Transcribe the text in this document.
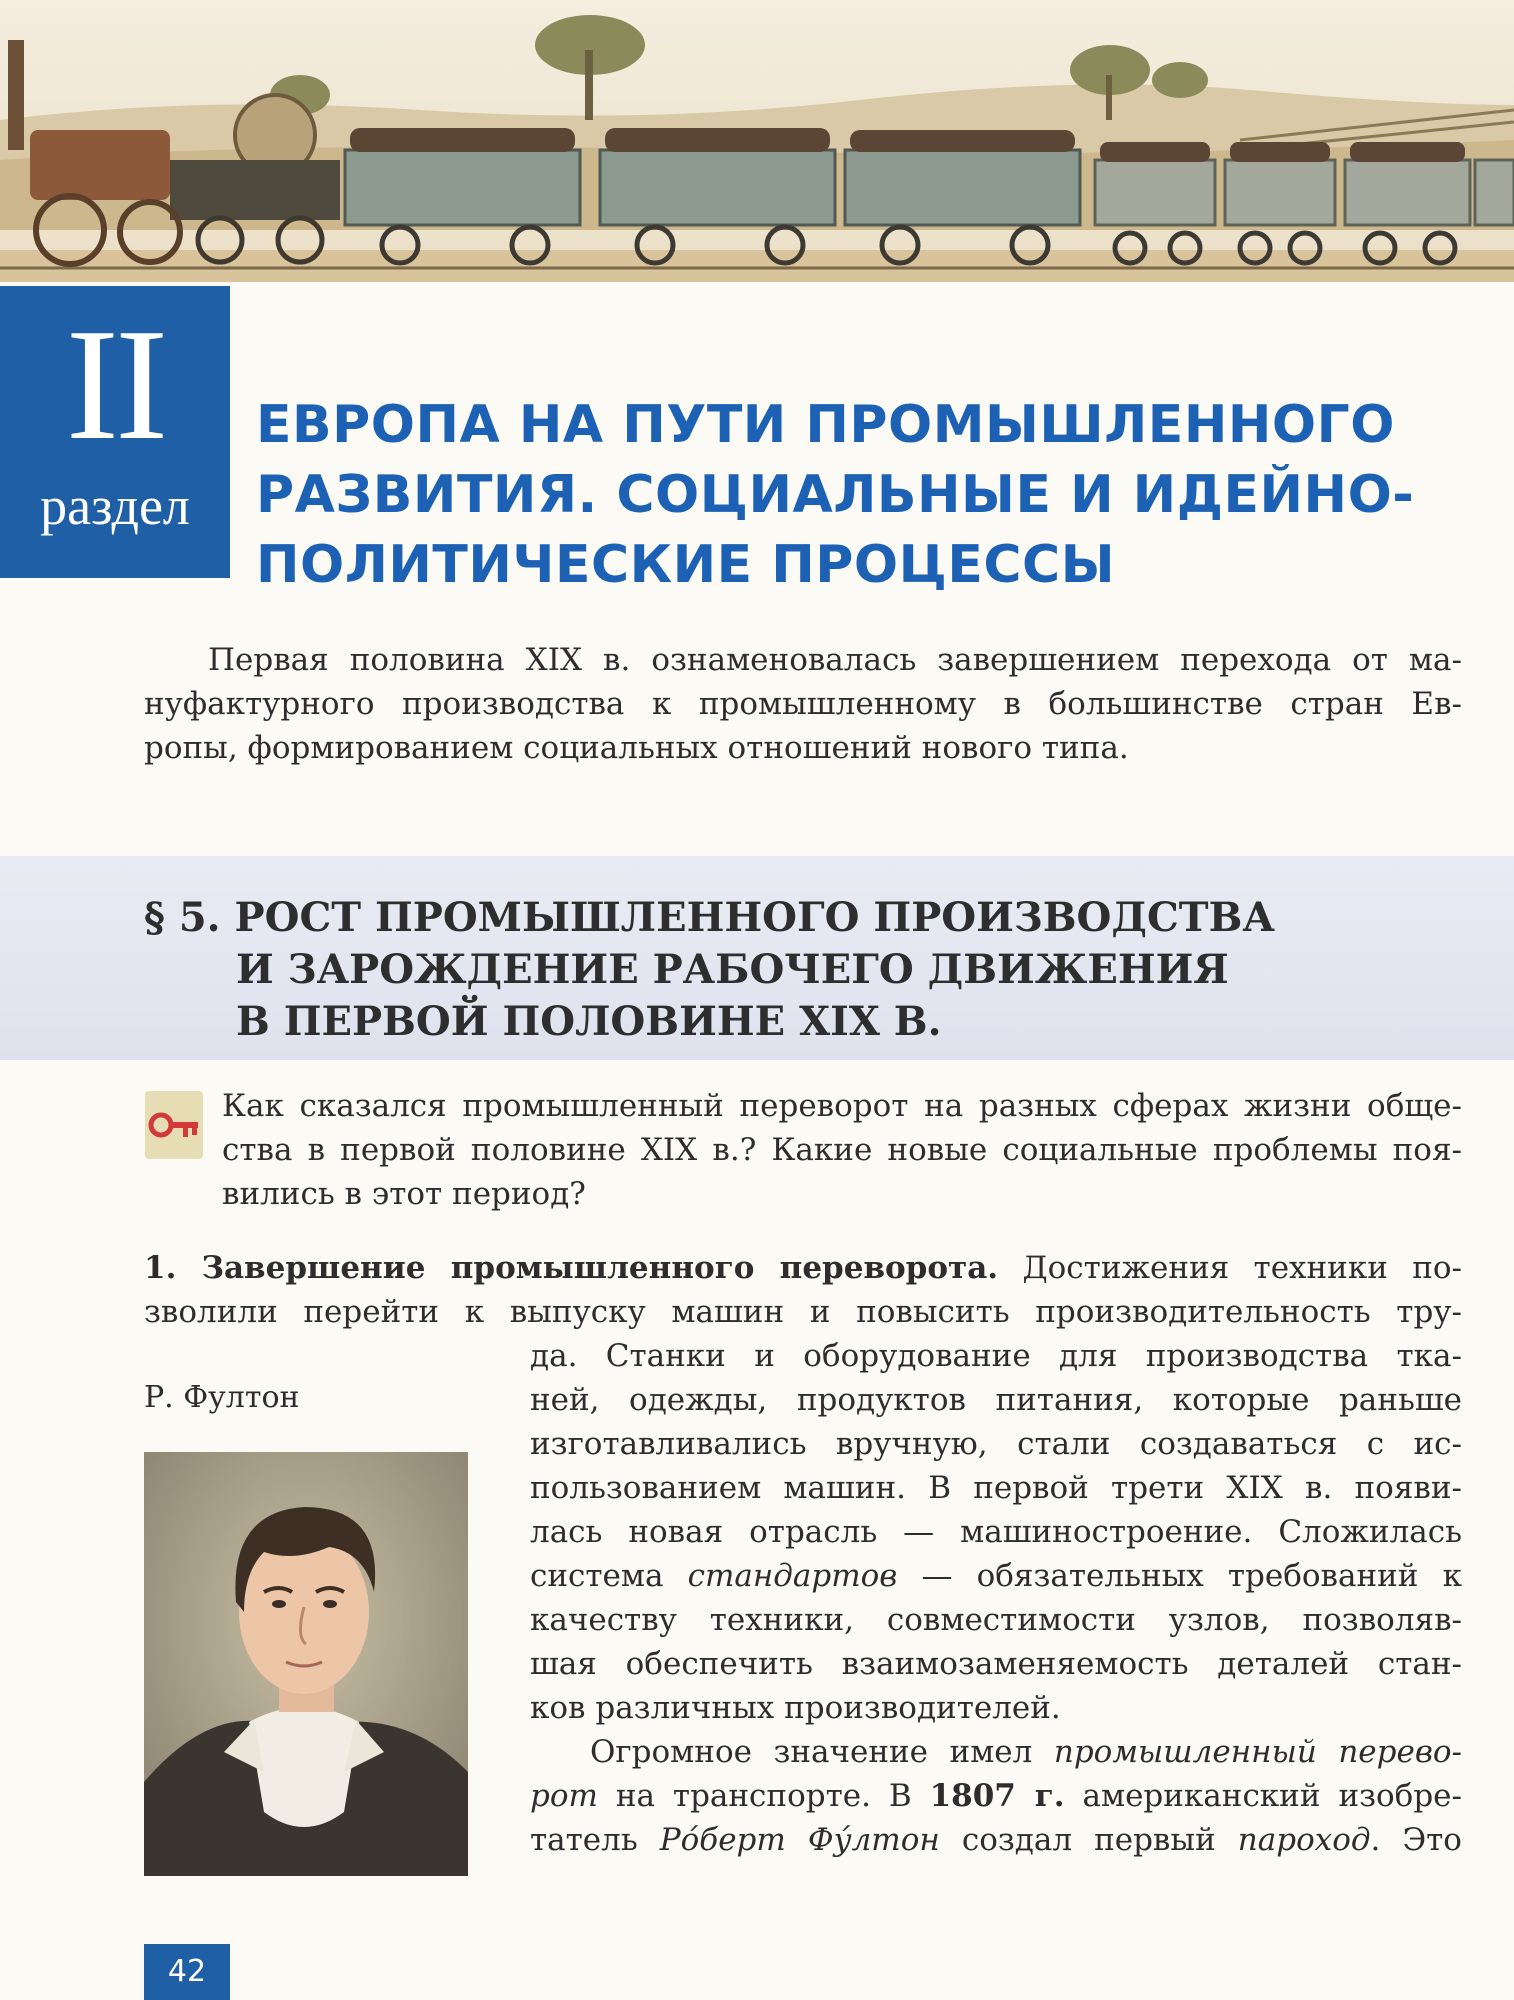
II
раздел
ЕВРОПА НА ПУТИ ПРОМЫШЛЕННОГО
РАЗВИТИЯ. СОЦИАЛЬНЫЕ И ИДЕЙНО-
ПОЛИТИЧЕСКИЕ ПРОЦЕССЫ
Первая половина XIX в. ознаменовалась завершением перехода от ма-
нуфактурного производства к промышленному в большинстве стран Ев-
ропы, формированием социальных отношений нового типа.
§ 5. РОСТ ПРОМЫШЛЕННОГО ПРОИЗВОДСТВА
И ЗАРОЖДЕНИЕ РАБОЧЕГО ДВИЖЕНИЯ
В ПЕРВОЙ ПОЛОВИНЕ XIX В.
Как сказался промышленный переворот на разных сферах жизни обще-
ства в первой половине XIX в.? Какие новые социальные проблемы поя-
вились в этот период?
1. Завершение промышленного переворота. Достижения техники по-
зволили перейти к выпуску машин и повысить производительность тру-
да. Станки и оборудование для производства тка-
ней, одежды, продуктов питания, которые раньше
изготавливались вручную, стали создаваться с ис-
пользованием машин. В первой трети XIX в. появи-
лась новая отрасль — машиностроение. Сложилась
система стандартов — обязательных требований к
качеству техники, совместимости узлов, позволяв-
шая обеспечить взаимозаменяемость деталей стан-
ков различных производителей.
Огромное значение имел промышленный перево-
рот на транспорте. В 1807 г. американский изобре-
татель Ро́берт Фу́лтон создал первый пароход. Это
Р. Фултон
42
